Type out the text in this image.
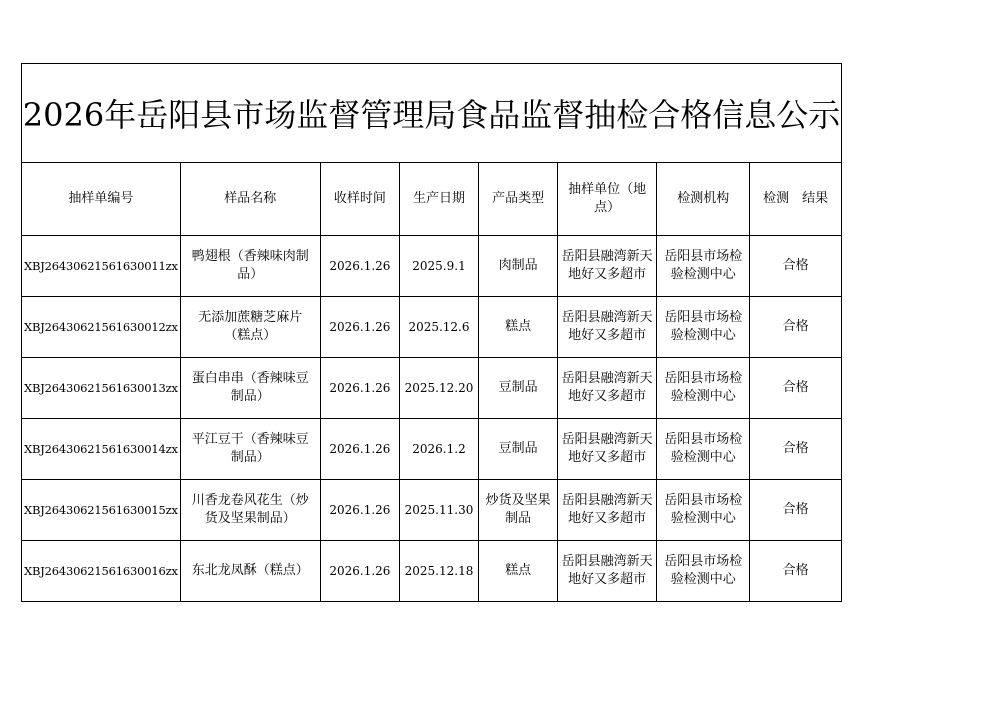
2026年岳阳县市场监督管理局食品监督抽检合格信息公示
抽样单编号	样品名称	收样时间	生产日期	产品类型	抽样单位（地点）	检测机构	检测　结果
XBJ26430621561630011zx	鸭翅根（香辣味肉制品）	2026.1.26	2025.9.1	肉制品	岳阳县融湾新天地好又多超市	岳阳县市场检验检测中心	合格
XBJ26430621561630012zx	无添加蔗糖芝麻片（糕点）	2026.1.26	2025.12.6	糕点	岳阳县融湾新天地好又多超市	岳阳县市场检验检测中心	合格
XBJ26430621561630013zx	蛋白串串（香辣味豆制品）	2026.1.26	2025.12.20	豆制品	岳阳县融湾新天地好又多超市	岳阳县市场检验检测中心	合格
XBJ26430621561630014zx	平江豆干（香辣味豆制品）	2026.1.26	2026.1.2	豆制品	岳阳县融湾新天地好又多超市	岳阳县市场检验检测中心	合格
XBJ26430621561630015zx	川香龙卷风花生（炒货及坚果制品）	2026.1.26	2025.11.30	炒货及坚果制品	岳阳县融湾新天地好又多超市	岳阳县市场检验检测中心	合格
XBJ26430621561630016zx	东北龙凤酥（糕点）	2026.1.26	2025.12.18	糕点	岳阳县融湾新天地好又多超市	岳阳县市场检验检测中心	合格
